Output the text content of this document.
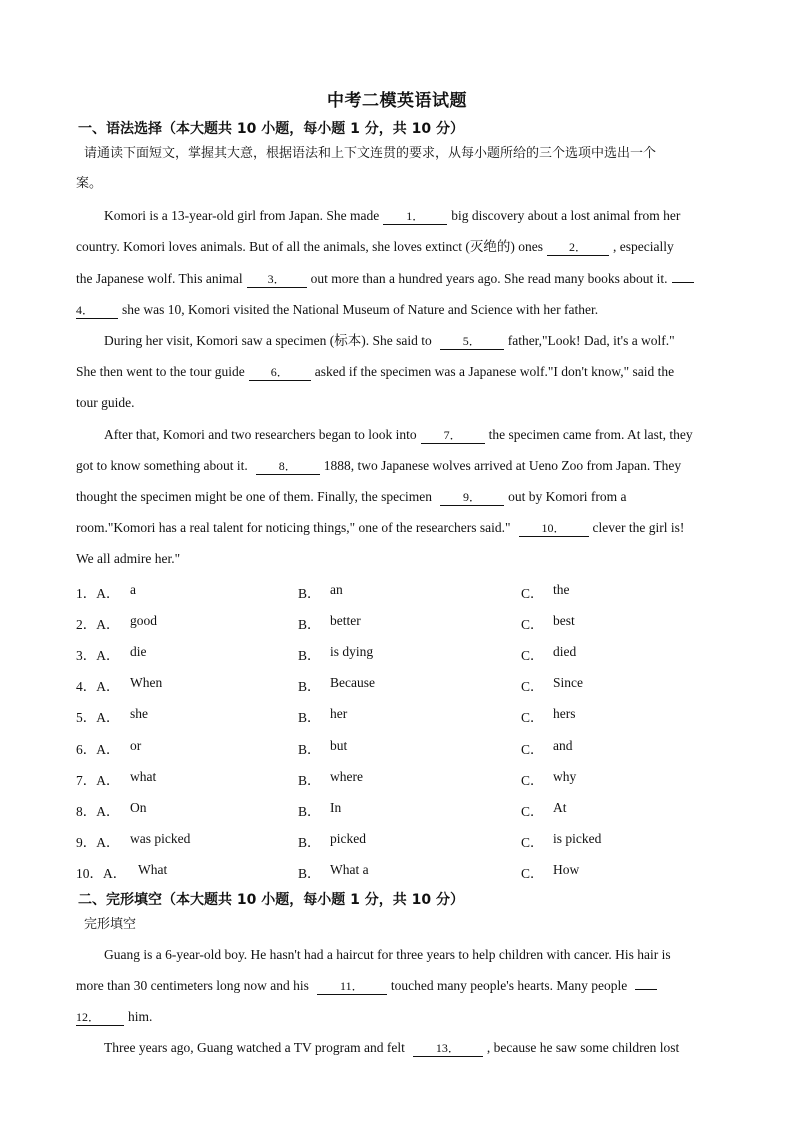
中考二模英语试题
一、语法选择（本大题共 10 小题，每小题 1 分，共 10 分）
请通读下面短文，掌握其大意，根据语法和上下文连贯的要求，从每小题所给的三个选项中选出一个
案。
Komori is a 13-year-old girl from Japan. She made 1． big discovery about a lost animal from her
country. Komori loves animals. But of all the animals, she loves extinct (灭绝的) ones 2． , especially
the Japanese wolf. This animal 3． out more than a hundred years ago. She read many books about it.
4． she was 10, Komori visited the National Museum of Nature and Science with her father.
During her visit, Komori saw a specimen (标本). She said to	5． father,"Look! Dad, it's a wolf."
She then went to the tour guide 6． asked if the specimen was a Japanese wolf."I don't know," said the
tour guide.
After that, Komori and two researchers began to look into 7． the specimen came from. At last, they
got to know something about it.	8． 1888, two Japanese wolves arrived at Ueno Zoo from Japan. They
thought the specimen might be one of them. Finally, the specimen	9． out by Komori from a
room."Komori has a real talent for noticing things," one of the researchers said."	10． clever the girl is!
We all admire her."
1．A． a	B． an	C． the
2．A． good	B． better	C． best
3．A． die	B． is dying	C． died
4．A． When	B． Because	C． Since
5．A． she	B． her	C． hers
6．A． or	B． but	C． and
7．A． what	B． where	C． why
8．A． On	B． In	C． At
9．A． was picked	B． picked	C． is picked
10．A． What	B． What a	C． How
二、完形填空（本大题共 10 小题，每小题 1 分，共 10 分）
完形填空
Guang is a 6-year-old boy. He hasn't had a haircut for three years to help children with cancer. His hair is
more than 30 centimeters long now and his	11． touched many people's hearts. Many people
12． him.
Three years ago, Guang watched a TV program and felt	13． , because he saw some children lost
